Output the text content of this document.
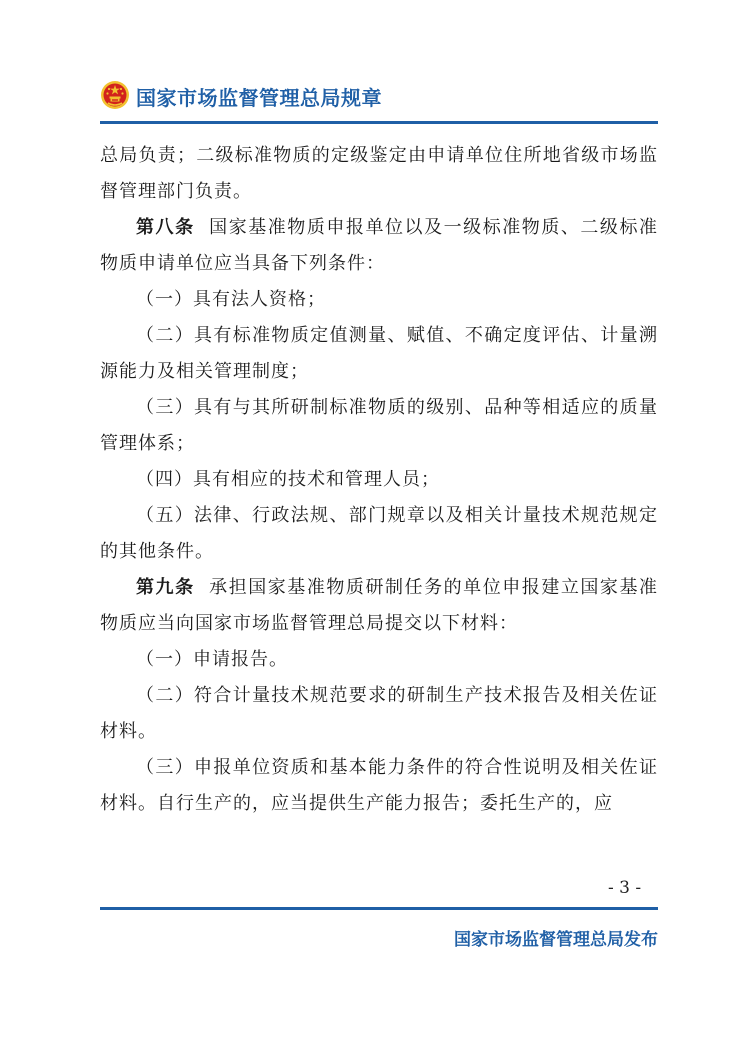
国家市场监督管理总局规章

总局负责；二级标准物质的定级鉴定由申请单位住所地省级市场监督管理部门负责。

第八条 国家基准物质申报单位以及一级标准物质、二级标准物质申请单位应当具备下列条件：

（一）具有法人资格；

（二）具有标准物质定值测量、赋值、不确定度评估、计量溯源能力及相关管理制度；

（三）具有与其所研制标准物质的级别、品种等相适应的质量管理体系；

（四）具有相应的技术和管理人员；

（五）法律、行政法规、部门规章以及相关计量技术规范规定的其他条件。

第九条 承担国家基准物质研制任务的单位申报建立国家基准物质应当向国家市场监督管理总局提交以下材料：

（一）申请报告。

（二）符合计量技术规范要求的研制生产技术报告及相关佐证材料。

（三）申报单位资质和基本能力条件的符合性说明及相关佐证材料。自行生产的，应当提供生产能力报告；委托生产的，应

- 3 -
国家市场监督管理总局发布
